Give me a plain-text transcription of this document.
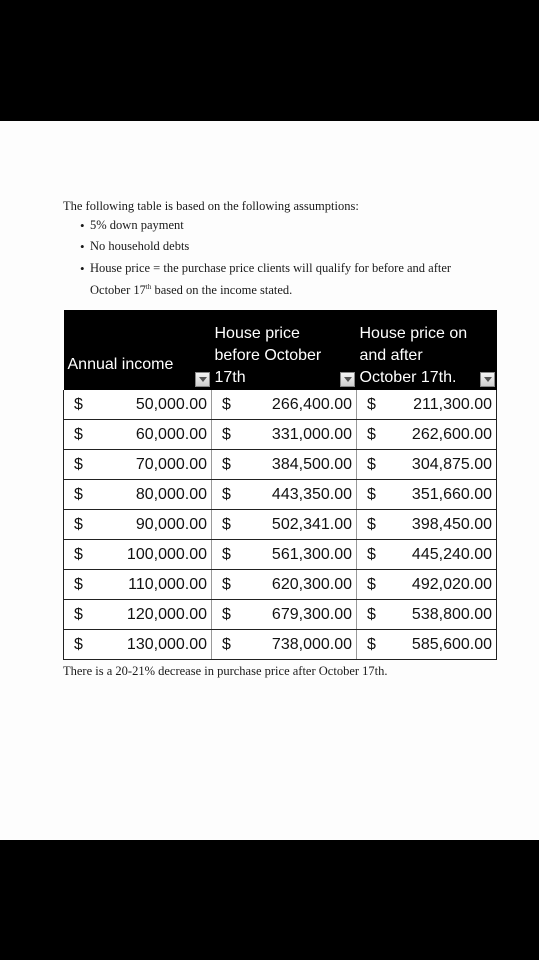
The following table is based on the following assumptions:
• 5% down payment
• No household debts
• House price = the purchase price clients will qualify for before and after October 17th based on the income stated.
Annual income	House price before October 17th	House price on and after October 17th.

$ 50,000.00	$ 266,400.00	$ 211,300.00

$ 60,000.00	$ 331,000.00	$ 262,600.00

$ 70,000.00	$ 384,500.00	$ 304,875.00

$ 80,000.00	$ 443,350.00	$ 351,660.00

$ 90,000.00	$ 502,341.00	$ 398,450.00

$ 100,000.00	$ 561,300.00	$ 445,240.00

$ 110,000.00	$ 620,300.00	$ 492,020.00

$ 120,000.00	$ 679,300.00	$ 538,800.00

$ 130,000.00	$ 738,000.00	$ 585,600.00
There is a 20-21% decrease in purchase price after October 17th.
